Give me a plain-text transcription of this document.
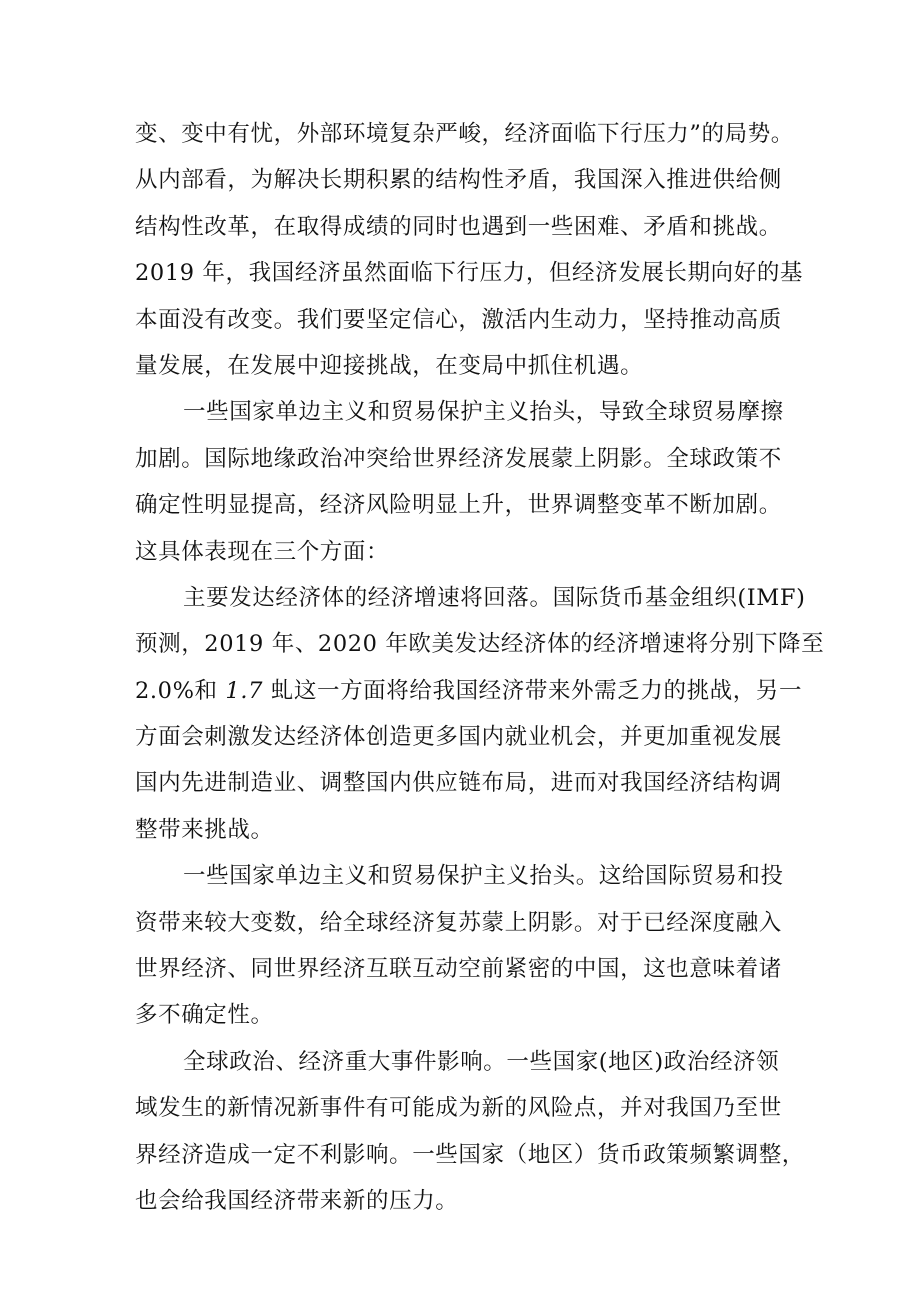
变、变中有忧，外部环境复杂严峻，经济面临下行压力”的局势。
从内部看，为解决长期积累的结构性矛盾，我国深入推进供给侧
结构性改革，在取得成绩的同时也遇到一些困难、矛盾和挑战。
2019 年，我国经济虽然面临下行压力，但经济发展长期向好的基
本面没有改变。我们要坚定信心，激活内生动力，坚持推动高质
量发展，在发展中迎接挑战，在变局中抓住机遇。
一些国家单边主义和贸易保护主义抬头，导致全球贸易摩擦
加剧。国际地缘政治冲突给世界经济发展蒙上阴影。全球政策不
确定性明显提高，经济风险明显上升，世界调整变革不断加剧。
这具体表现在三个方面：
主要发达经济体的经济增速将回落。国际货币基金组织(IMF)
预测，2019 年、2020 年欧美发达经济体的经济增速将分别下降至
2.0%和 1.7 虬这一方面将给我国经济带来外需乏力的挑战，另一
方面会刺激发达经济体创造更多国内就业机会，并更加重视发展
国内先进制造业、调整国内供应链布局，进而对我国经济结构调
整带来挑战。
一些国家单边主义和贸易保护主义抬头。这给国际贸易和投
资带来较大变数，给全球经济复苏蒙上阴影。对于已经深度融入
世界经济、同世界经济互联互动空前紧密的中国，这也意味着诸
多不确定性。
全球政治、经济重大事件影响。一些国家(地区)政治经济领
域发生的新情况新事件有可能成为新的风险点，并对我国乃至世
界经济造成一定不利影响。一些国家（地区）货币政策频繁调整，
也会给我国经济带来新的压力。
